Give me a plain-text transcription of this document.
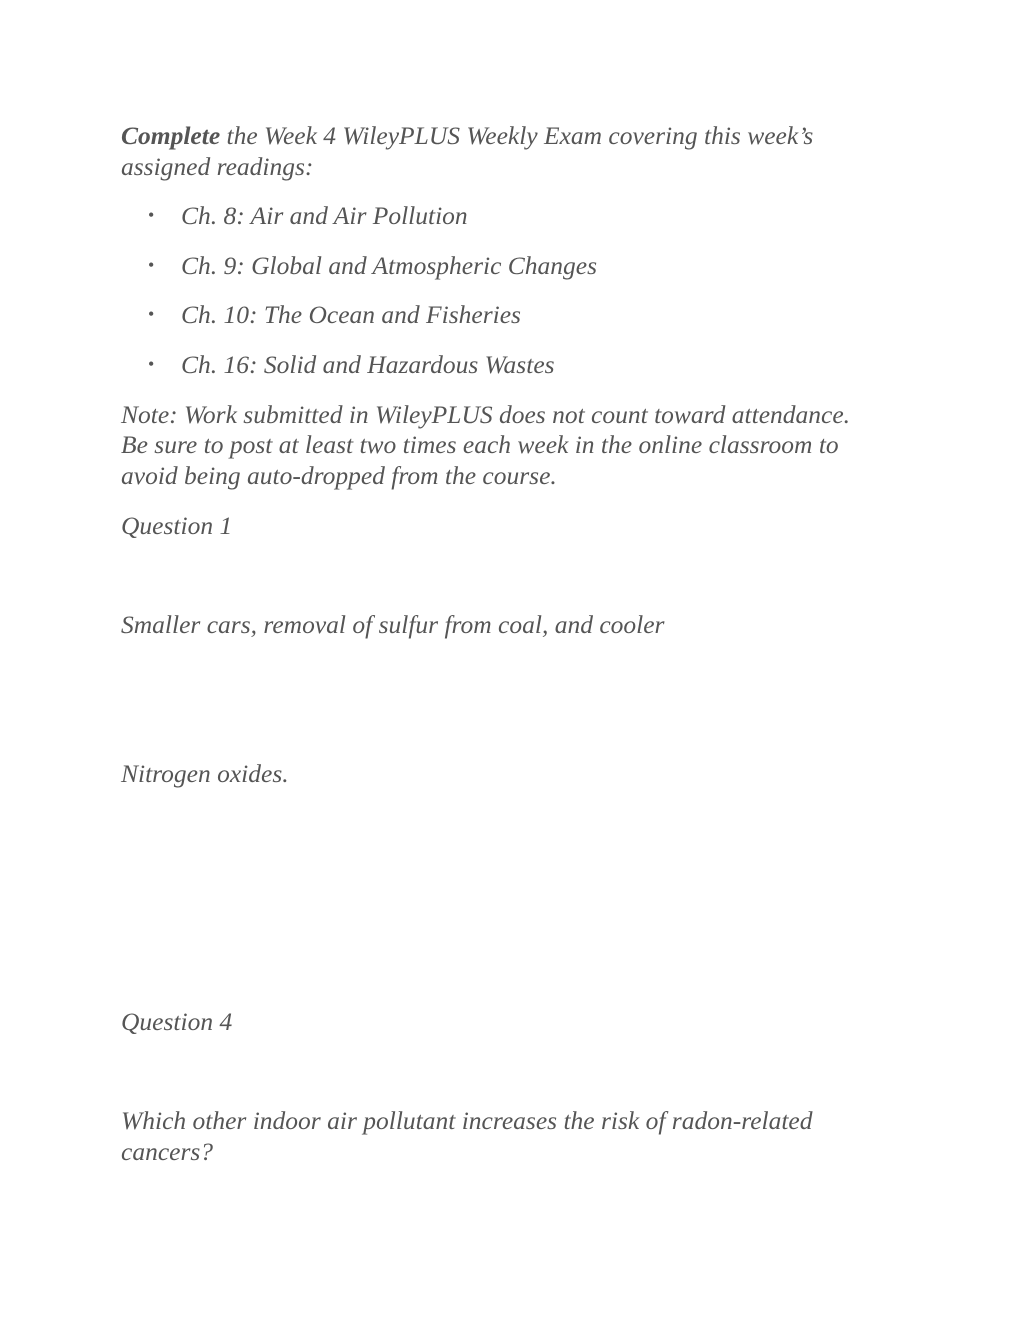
Complete the Week 4 WileyPLUS Weekly Exam covering this week’s

assigned readings:

• Ch. 8: Air and Air Pollution

• Ch. 9: Global and Atmospheric Changes

• Ch. 10: The Ocean and Fisheries

• Ch. 16: Solid and Hazardous Wastes

Note: Work submitted in WileyPLUS does not count toward attendance.

Be sure to post at least two times each week in the online classroom to

avoid being auto-dropped from the course.

Question 1

Smaller cars, removal of sulfur from coal, and cooler

Nitrogen oxides.

Question 4

Which other indoor air pollutant increases the risk of radon-related

cancers?
